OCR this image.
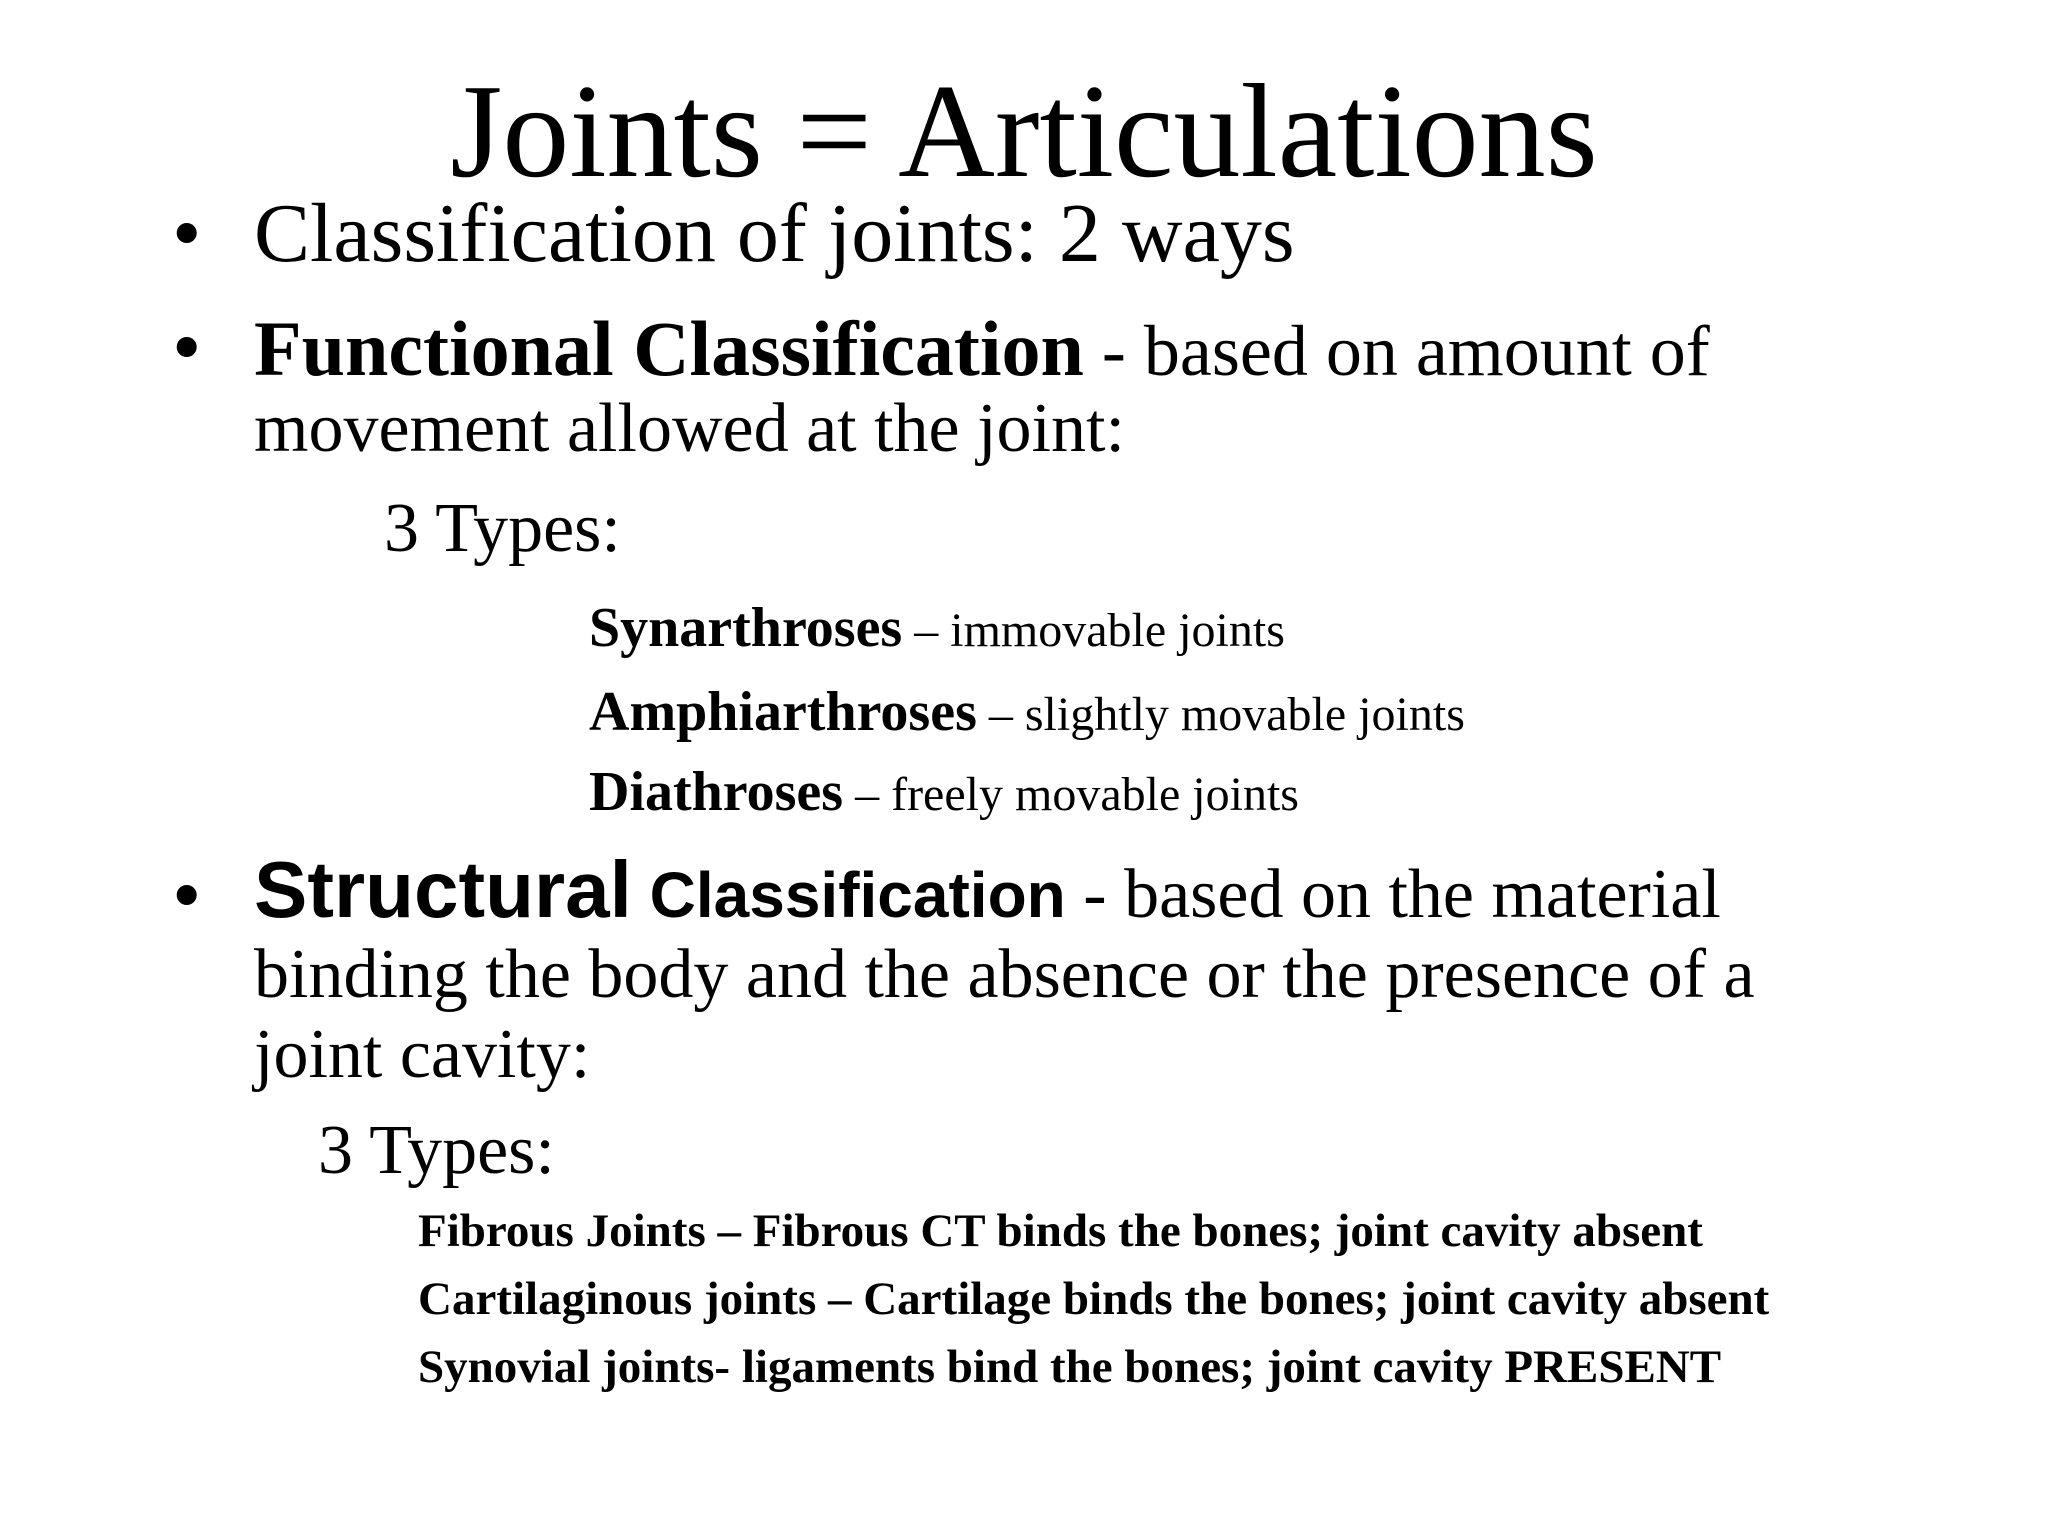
Joints = Articulations
• Classification of joints: 2 ways
• Functional Classification - based on amount of
movement allowed at the joint:
3 Types:
Synarthroses – immovable joints
Amphiarthroses – slightly movable joints
Diathroses – freely movable joints
• Structural Classification - based on the material
binding the body and the absence or the presence of a
joint cavity:
3 Types:
Fibrous Joints – Fibrous CT binds the bones; joint cavity absent
Cartilaginous joints – Cartilage binds the bones; joint cavity absent
Synovial joints- ligaments bind the bones; joint cavity PRESENT
